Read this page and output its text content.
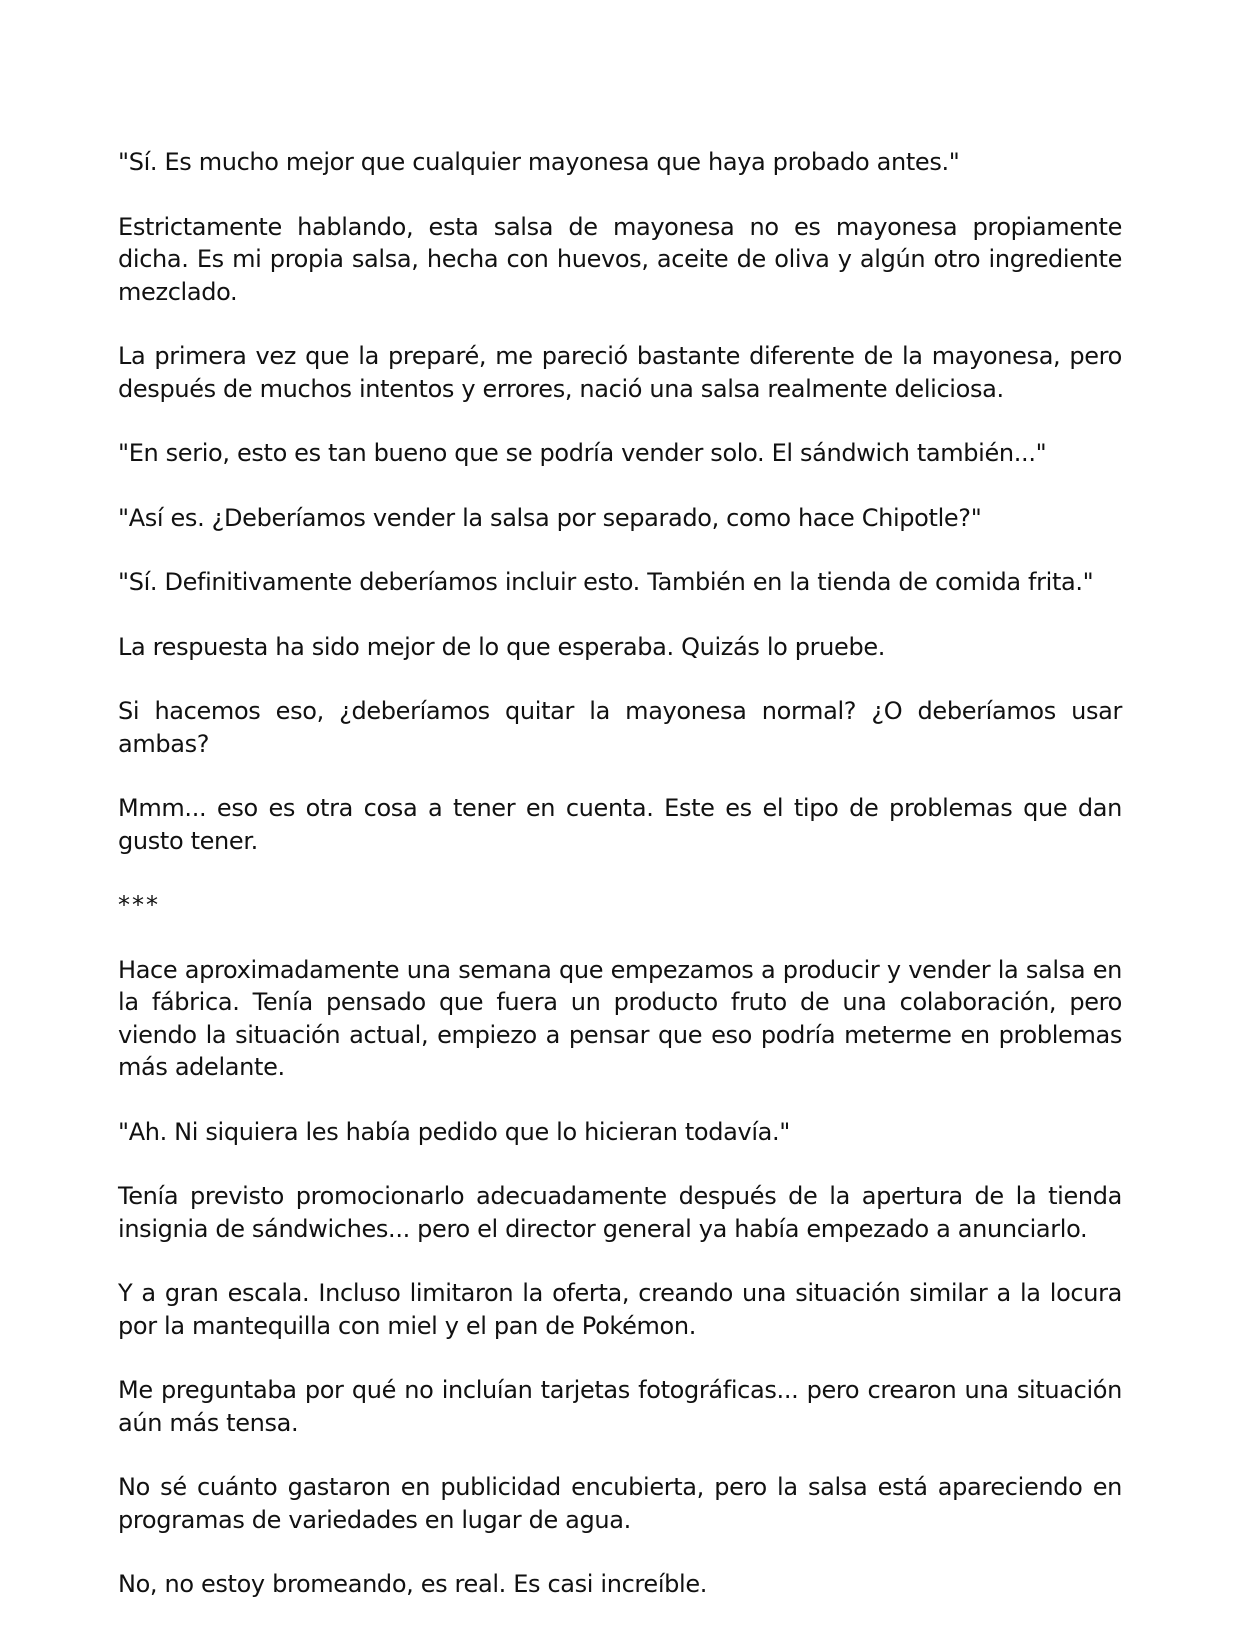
"Sí. Es mucho mejor que cualquier mayonesa que haya probado antes."

Estrictamente hablando, esta salsa de mayonesa no es mayonesa propiamente dicha. Es mi propia salsa, hecha con huevos, aceite de oliva y algún otro ingrediente mezclado.

La primera vez que la preparé, me pareció bastante diferente de la mayonesa, pero después de muchos intentos y errores, nació una salsa realmente deliciosa.

"En serio, esto es tan bueno que se podría vender solo. El sándwich también..."

"Así es. ¿Deberíamos vender la salsa por separado, como hace Chipotle?"

"Sí. Definitivamente deberíamos incluir esto. También en la tienda de comida frita."

La respuesta ha sido mejor de lo que esperaba. Quizás lo pruebe.

Si hacemos eso, ¿deberíamos quitar la mayonesa normal? ¿O deberíamos usar ambas?

Mmm... eso es otra cosa a tener en cuenta. Este es el tipo de problemas que dan gusto tener.

***

Hace aproximadamente una semana que empezamos a producir y vender la salsa en la fábrica. Tenía pensado que fuera un producto fruto de una colaboración, pero viendo la situación actual, empiezo a pensar que eso podría meterme en problemas más adelante.

"Ah. Ni siquiera les había pedido que lo hicieran todavía."

Tenía previsto promocionarlo adecuadamente después de la apertura de la tienda insignia de sándwiches... pero el director general ya había empezado a anunciarlo.

Y a gran escala. Incluso limitaron la oferta, creando una situación similar a la locura por la mantequilla con miel y el pan de Pokémon.

Me preguntaba por qué no incluían tarjetas fotográficas... pero crearon una situación aún más tensa.

No sé cuánto gastaron en publicidad encubierta, pero la salsa está apareciendo en programas de variedades en lugar de agua.

No, no estoy bromeando, es real. Es casi increíble.
